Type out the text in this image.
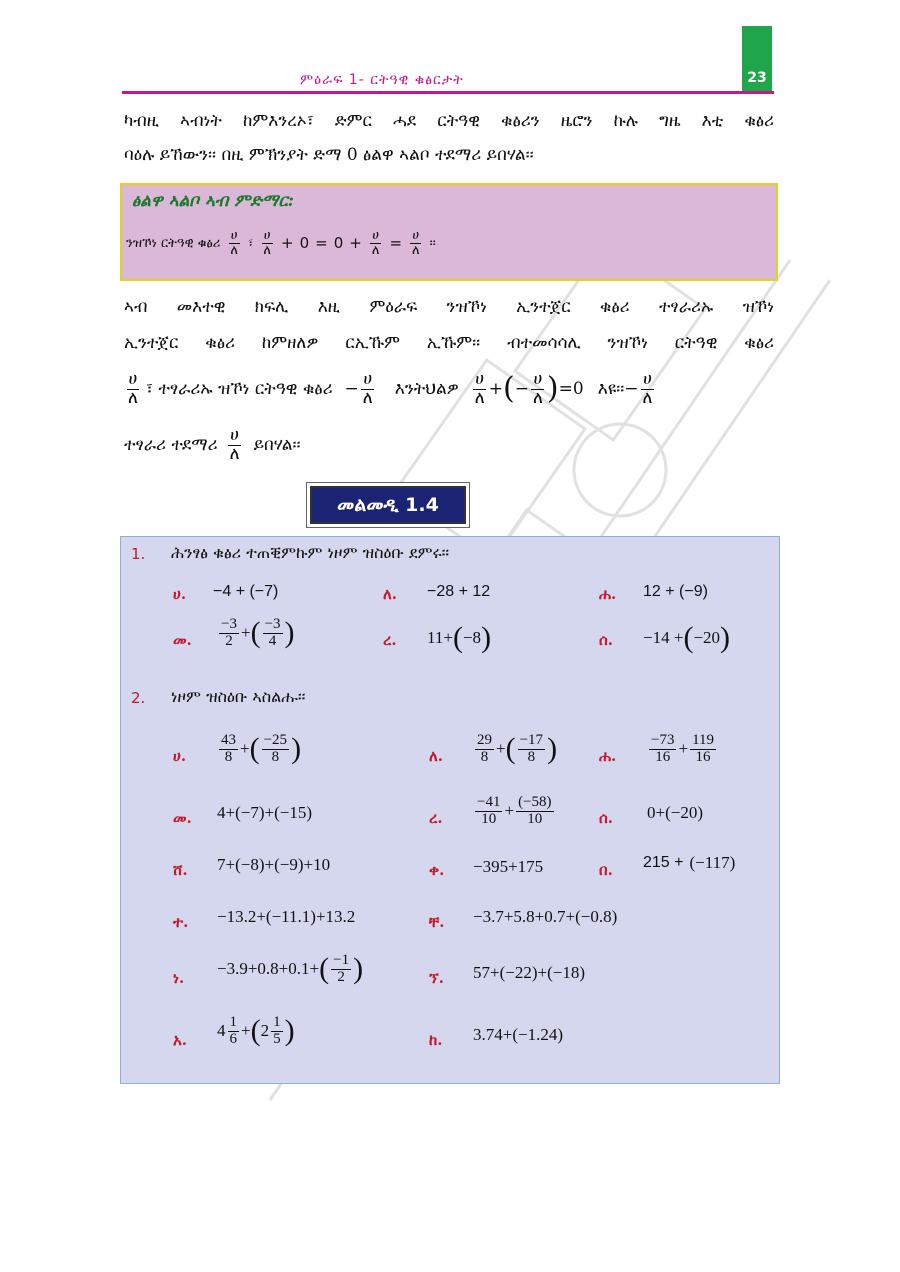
23
ምዕራፍ 1- ርትዓዊ ቁፅርታት
ካብዚ ኣብነት ከምእንረኦ፣ ድምር ሓደ ርትዓዊ ቁፅሪን ዜሮን ኩሉ ግዜ እቲ ቁፅሪ
ባዕሉ ይኸውን፡፡ በዚ ምኽንያት ድማ 0 ፅልዋ ኣልቦ ተደማሪ ይበሃል፡፡
ፅልዋ ኣልቦ ኣብ ምድማር:
ንዝኾነ ርትዓዊ ቁፅሪ $\frac{\text{ሀ}}{\text{ለ}}$ ፣ $\frac{\text{ሀ}}{\text{ለ}} + 0 = 0 + \frac{\text{ሀ}}{\text{ለ}} = \frac{\text{ሀ}}{\text{ለ}}$ ፡፡
ኣብ መእተዊ ክፍሊ እዚ ምዕራፍ ንዝኾነ ኢንተጀር ቁፅሪ ተፃራሪኡ ዝኾነ
ኢንተጀር ቁፅሪ ከምዘለዎ ርኢኹም ኢኹም፡፡ ብተመሳሳሊ ንዝኾነ ርትዓዊ ቁፅሪ
$\frac{\text{ሀ}}{\text{ለ}}$ ፣ ተፃራሪኡ ዝኾነ ርትዓዊ ቁፅሪ − $\frac{\text{ሀ}}{\text{ለ}}$ እንትህልዎ $\frac{\text{ሀ}}{\text{ለ}}$ + ( − $\frac{\text{ሀ}}{\text{ለ}}$ ) =0 እዩ፡፡ − $\frac{\text{ሀ}}{\text{ለ}}$
ተፃራሪ ተደማሪ $\frac{\text{ሀ}}{\text{ለ}}$ ይበሃል፡፡
መልመዲ 1.4
1. ሕንፃፅ ቁፅሪ ተጠቒምኩም ነዞም ዝስዕቡ ደምሩ፡፡
ሀ. −4 + (−7)	ለ. −28 + 12	ሐ. 12 + (−9)
መ. $\frac{-3}{2}$ + ( $\frac{-3}{4}$ )	ረ. 11+ ( −8 )	ሰ. −14 + ( −20 )
2. ነዞም ዝስዕቡ ኣስልሑ፡፡
ሀ. $\frac{43}{8}$ + ( $\frac{-25}{8}$ )	ለ. $\frac{29}{8}$ + ( $\frac{-17}{8}$ )	ሐ. $\frac{-73}{16} + \frac{119}{16}$
መ. 4+(−7)+(−15)	ረ. $\frac{-41}{10} + \frac{(-58)}{10}$	ሰ. 0+(−20)
ሸ. 7+(−8)+(−9)+10	ቀ. −395+175	በ. 215 + (−117)
ተ. −13.2+(−11.1)+13.2	ቸ. −3.7+5.8+0.7+(−0.8)
ነ. −3.9+0.8+0.1+ ( $\frac{-1}{2}$ )	ኘ. 57+(−22)+(−18)
አ. $4 \frac{1}{6}$ + ( $2 \frac{1}{5}$ )	ከ. 3.74+(−1.24)
